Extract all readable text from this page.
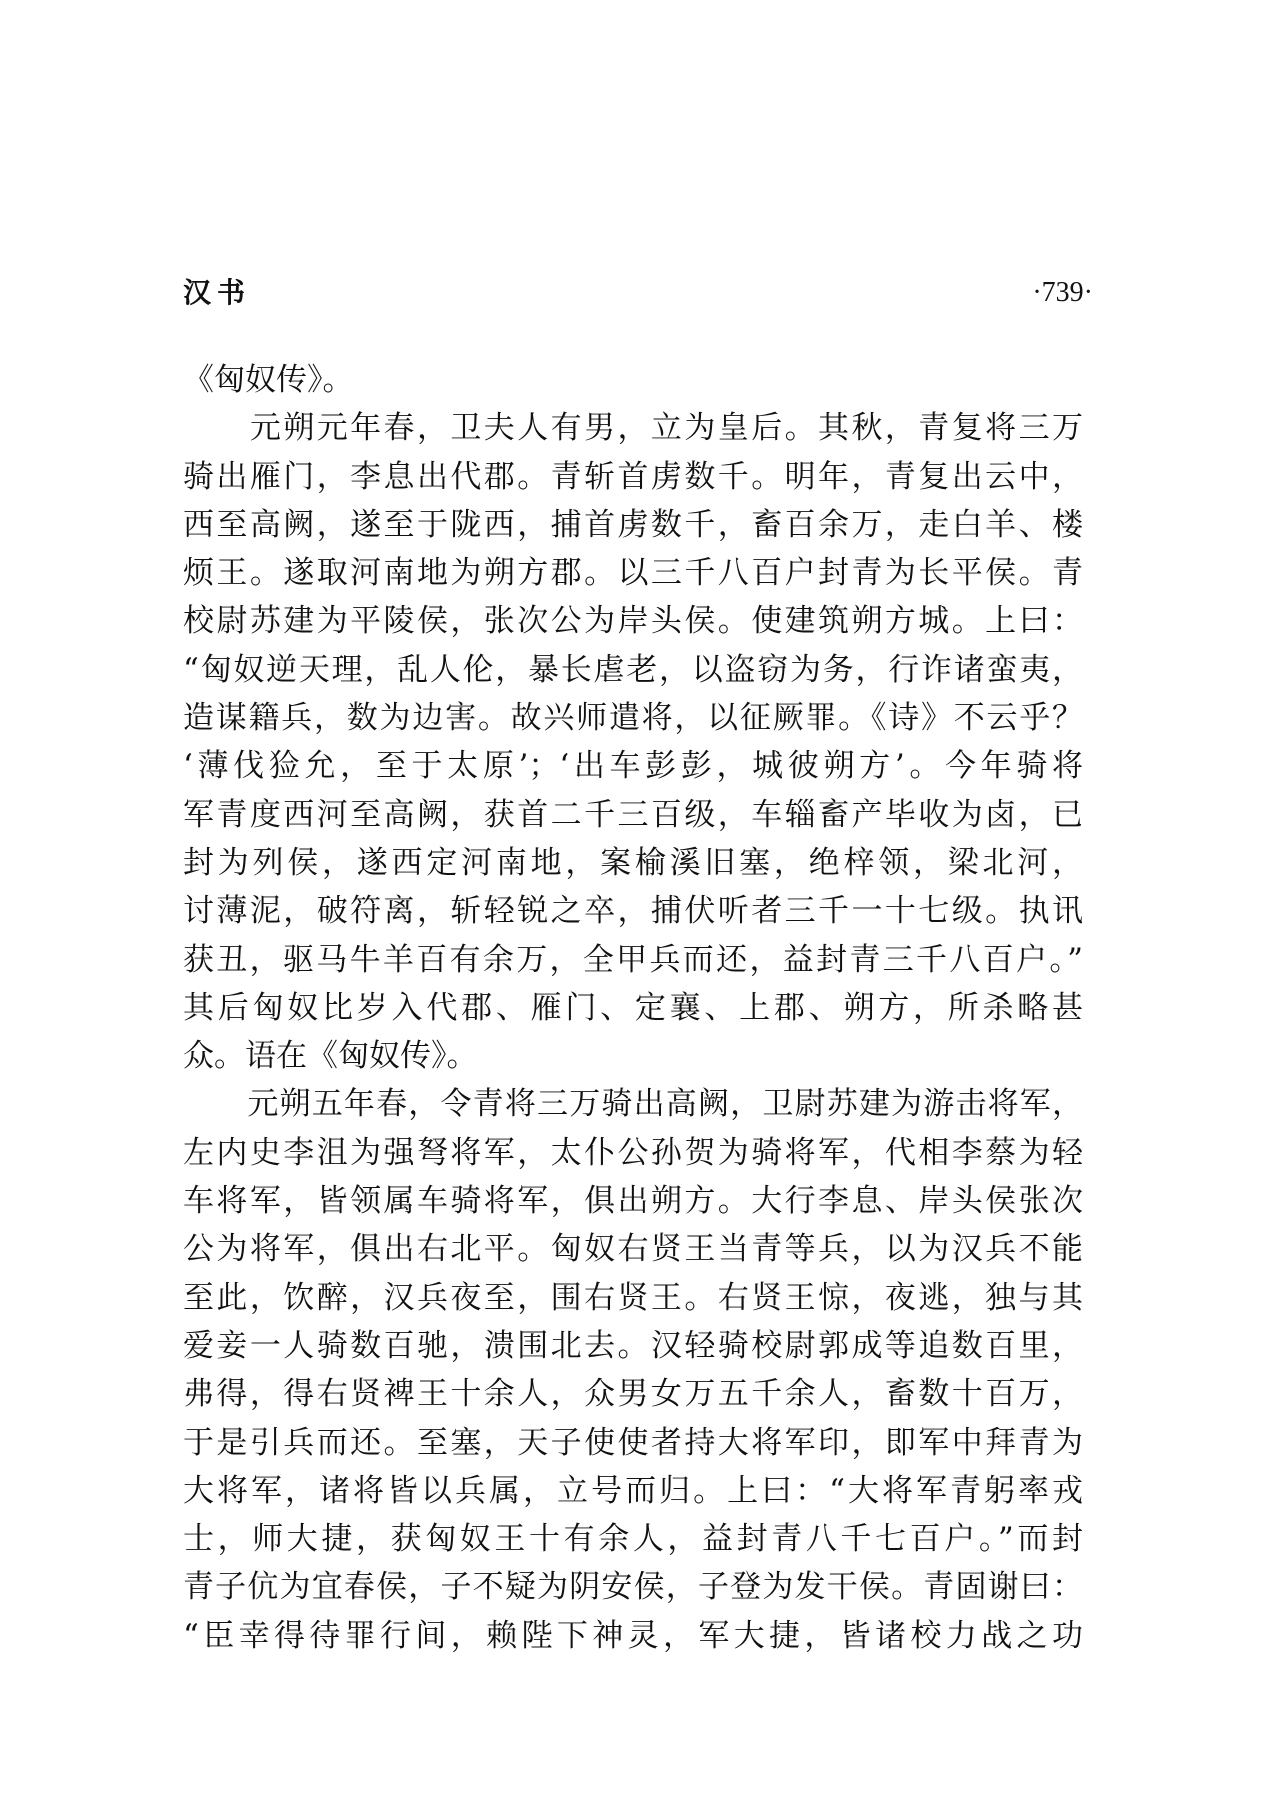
汉书	·739·
《匈奴传》。
　　元朔元年春，卫夫人有男，立为皇后。其秋，青复将三万
骑出雁门，李息出代郡。青斩首虏数千。明年，青复出云中，
西至高阙，遂至于陇西，捕首虏数千，畜百余万，走白羊、楼
烦王。遂取河南地为朔方郡。以三千八百户封青为长平侯。青
校尉苏建为平陵侯，张次公为岸头侯。使建筑朔方城。上曰：
“匈奴逆天理，乱人伦，暴长虐老，以盗窃为务，行诈诸蛮夷，
造谋籍兵，数为边害。故兴师遣将，以征厥罪。《诗》不云乎？
‘薄伐猃允，至于太原’；‘出车彭彭，城彼朔方’。今年骑将
军青度西河至高阙，获首二千三百级，车辎畜产毕收为卤，已
封为列侯，遂西定河南地，案榆溪旧塞，绝梓领，梁北河，
讨薄泥，破符离，斩轻锐之卒，捕伏听者三千一十七级。执讯
获丑，驱马牛羊百有余万，全甲兵而还，益封青三千八百户。”
其后匈奴比岁入代郡、雁门、定襄、上郡、朔方，所杀略甚
众。语在《匈奴传》。
　　元朔五年春，令青将三万骑出高阙，卫尉苏建为游击将军，
左内史李沮为强弩将军，太仆公孙贺为骑将军，代相李蔡为轻
车将军，皆领属车骑将军，俱出朔方。大行李息、岸头侯张次
公为将军，俱出右北平。匈奴右贤王当青等兵，以为汉兵不能
至此，饮醉，汉兵夜至，围右贤王。右贤王惊，夜逃，独与其
爱妾一人骑数百驰，溃围北去。汉轻骑校尉郭成等追数百里，
弗得，得右贤裨王十余人，众男女万五千余人，畜数十百万，
于是引兵而还。至塞，天子使使者持大将军印，即军中拜青为
大将军，诸将皆以兵属，立号而归。上曰：“大将军青躬率戎
士，师大捷，获匈奴王十有余人，益封青八千七百户。”而封
青子伉为宜春侯，子不疑为阴安侯，子登为发干侯。青固谢曰：
“臣幸得待罪行间，赖陛下神灵，军大捷，皆诸校力战之功
